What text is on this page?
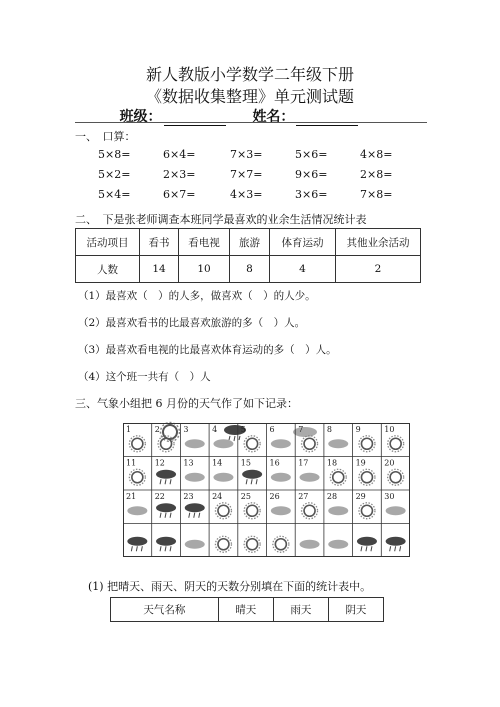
新人教版小学数学二年级下册
《数据收集整理》单元测试题
班级：	姓名：
一、　口算：
5×8=	6×4=	7×3=	5×6=	4×8=
5×2=	2×3=	7×7=	9×6=	2×8=
5×4=	6×7=	4×3=	3×6=	7×8=
二、　下是张老师调查本班同学最喜欢的业余生活情况统计表
活动项目	看书	看电视	旅游	体育运动	其他业余活动
人数	14	10	8	4	2
（1）最喜欢（　）的人多，做喜欢（　）的人少。
（2）最喜欢看书的比最喜欢旅游的多（　）人。
（3）最喜欢看电视的比最喜欢体育运动的多（　）人。
（4）这个班一共有（　）人
三、气象小组把 6 月份的天气作了如下记录：
1	2	3	4	5	6	7	8	9	10
11 12 13 14 15 16 17 18 19 20
21 22 23 24 25 26 27 28 29 30
(1) 把晴天、雨天、阴天的天数分别填在下面的统计表中。
天气名称	晴天	雨天	阴天
